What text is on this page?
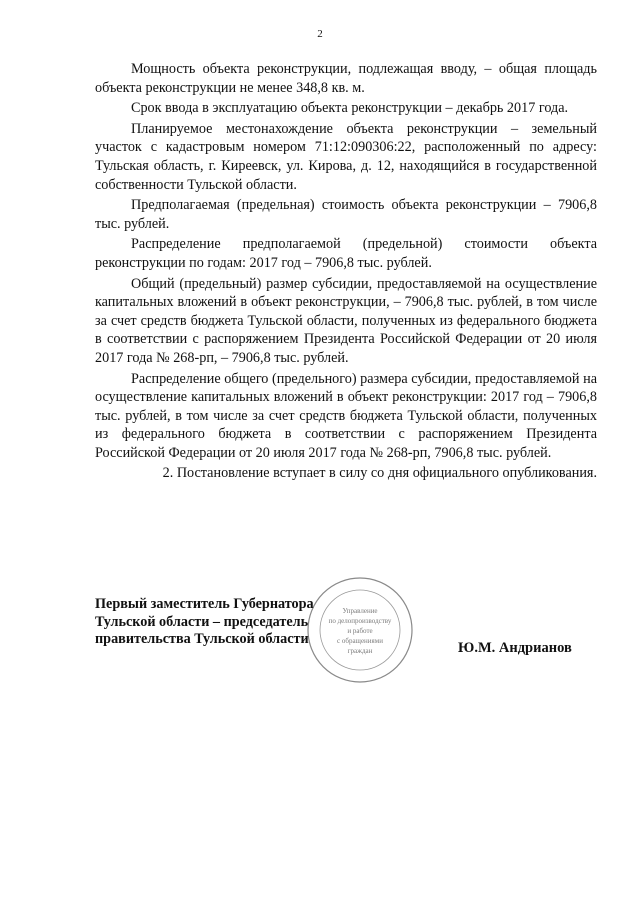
2

Мощность объекта реконструкции, подлежащая вводу, – общая площадь объекта реконструкции не менее 348,8 кв. м.

Срок ввода в эксплуатацию объекта реконструкции – декабрь 2017 года.

Планируемое местонахождение объекта реконструкции – земельный участок с кадастровым номером 71:12:090306:22, расположенный по адресу: Тульская область, г. Киреевск, ул. Кирова, д. 12, находящийся в государственной собственности Тульской области.

Предполагаемая (предельная) стоимость объекта реконструкции – 7906,8 тыс. рублей.

Распределение предполагаемой (предельной) стоимости объекта реконструкции по годам: 2017 год – 7906,8 тыс. рублей.

Общий (предельный) размер субсидии, предоставляемой на осуществление капитальных вложений в объект реконструкции, – 7906,8 тыс. рублей, в том числе за счет средств бюджета Тульской области, полученных из федерального бюджета в соответствии с распоряжением Президента Российской Федерации от 20 июля 2017 года № 268-рп, – 7906,8 тыс. рублей.

Распределение общего (предельного) размера субсидии, предоставляемой на осуществление капитальных вложений в объект реконструкции: 2017 год – 7906,8 тыс. рублей, в том числе за счет средств бюджета Тульской области, полученных из федерального бюджета в соответствии с распоряжением Президента Российской Федерации от 20 июля 2017 года № 268-рп, 7906,8 тыс. рублей.

2. Постановление вступает в силу со дня официального опубликования.

Управление
по делопроизводству
и работе
с обращениями
граждан
Первый заместитель Губернатора
Тульской области – председатель
правительства Тульской области
Ю.М. Андрианов
